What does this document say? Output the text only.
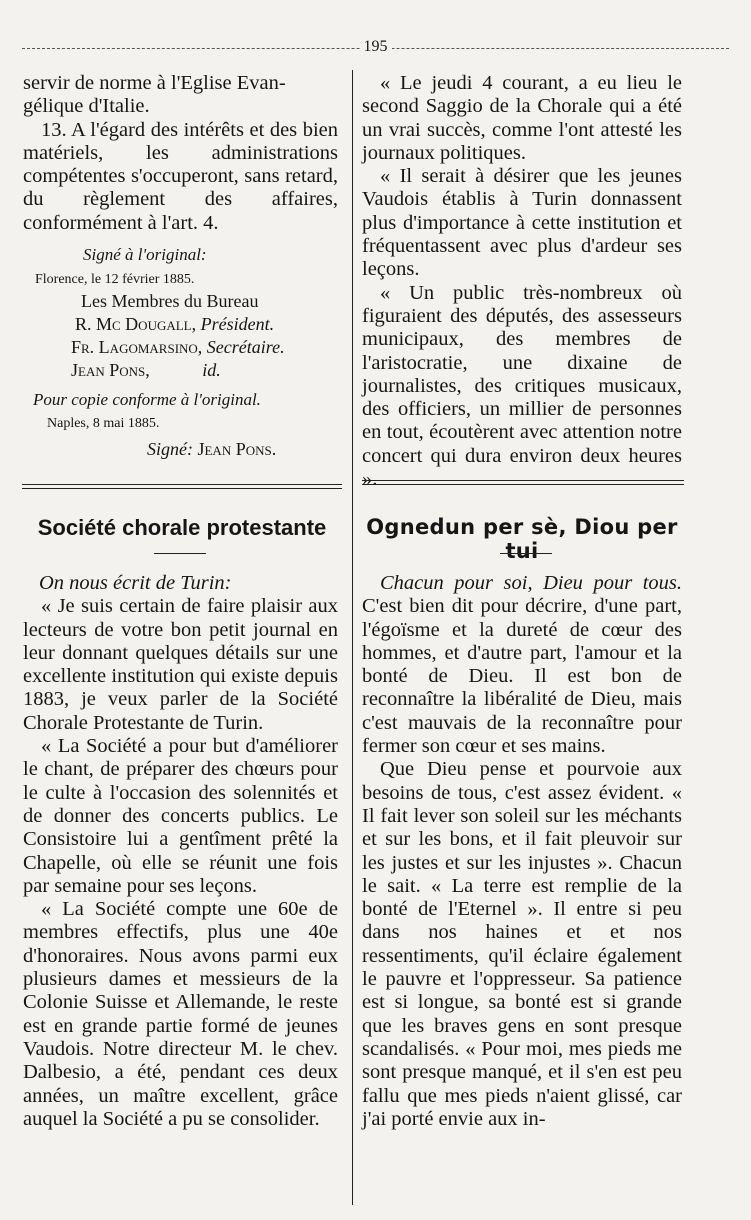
195

servir de norme à l'Eglise Evan-

gélique d'Italie.

13. A l'égard des intérêts et des bien matériels, les administrations compétentes s'occuperont, sans retard, du règlement des affaires, conformément à l'art. 4.

Signé à l'original:

Florence, le 12 février 1885.

Les Membres du Bureau

R. Mc Dougall, Président.

Fr. Lagomarsino, Secrétaire.

Jean Pons,	id.

Pour copie conforme à l'original.

Naples, 8 mai 1885.

Signé: Jean Pons.

« Le jeudi 4 courant, a eu lieu le second Saggio de la Chorale qui a été un vrai succès, comme l'ont attesté les journaux politiques.

« Il serait à désirer que les jeunes Vaudois établis à Turin donnassent plus d'importance à cette institution et fréquentassent avec plus d'ardeur ses leçons.

« Un public très-nombreux où figuraient des députés, des assesseurs municipaux, des membres de l'aristocratie, une dixaine de journalistes, des critiques musicaux, des officiers, un millier de personnes en tout, écoutèrent avec attention notre concert qui dura environ deux heures ».

Société chorale protestante	Ognedun per sè, Diou per tui

On nous écrit de Turin:

« Je suis certain de faire plaisir aux lecteurs de votre bon petit journal en leur donnant quelques détails sur une excellente institution qui existe depuis 1883, je veux parler de la Société Chorale Protestante de Turin.

« La Société a pour but d'améliorer le chant, de préparer des chœurs pour le culte à l'occasion des solennités et de donner des concerts publics. Le Consistoire lui a gentîment prêté la Chapelle, où elle se réunit une fois par semaine pour ses leçons.

« La Société compte une 60e de membres effectifs, plus une 40e d'honoraires. Nous avons parmi eux plusieurs dames et messieurs de la Colonie Suisse et Allemande, le reste est en grande partie formé de jeunes Vaudois. Notre directeur M. le chev. Dalbesio, a été, pendant ces deux années, un maître excellent, grâce auquel la Société a pu se consolider.

Chacun pour soi, Dieu pour tous. C'est bien dit pour décrire, d'une part, l'égoïsme et la dureté de cœur des hommes, et d'autre part, l'amour et la bonté de Dieu. Il est bon de reconnaître la libéralité de Dieu, mais c'est mauvais de la reconnaître pour fermer son cœur et ses mains.

Que Dieu pense et pourvoie aux besoins de tous, c'est assez évident. « Il fait lever son soleil sur les méchants et sur les bons, et il fait pleuvoir sur les justes et sur les injustes ». Chacun le sait. « La terre est remplie de la bonté de l'Eternel ». Il entre si peu dans nos haines et et nos ressentiments, qu'il éclaire également le pauvre et l'oppresseur. Sa patience est si longue, sa bonté est si grande que les braves gens en sont presque scandalisés. « Pour moi, mes pieds me sont presque manqué, et il s'en est peu fallu que mes pieds n'aient glissé, car j'ai porté envie aux in-
